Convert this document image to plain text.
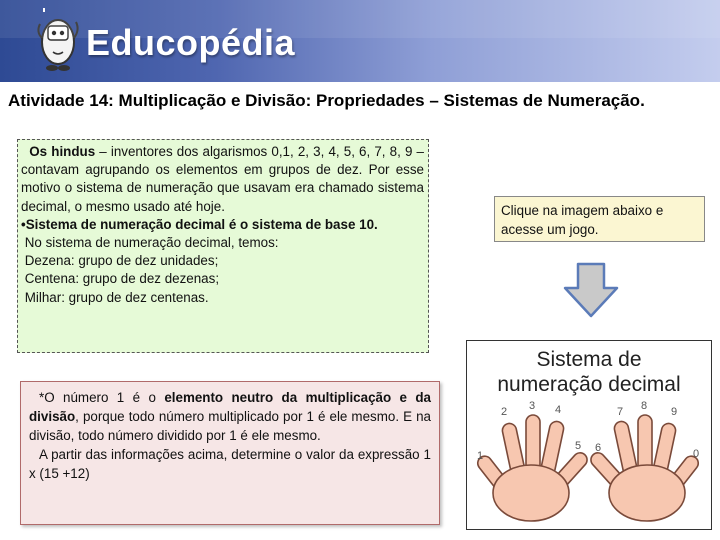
Educopédia
Atividade 14: Multiplicação e Divisão: Propriedades – Sistemas de Numeração.

Os hindus – inventores dos algarismos 0,1, 2, 3, 4, 5, 6, 7, 8, 9 – contavam agrupando os elementos em grupos de dez. Por esse motivo o sistema de numeração que usavam era chamado sistema decimal, o mesmo usado até hoje.

•Sistema de numeração decimal é o sistema de base 10.

No sistema de numeração decimal, temos:

Dezena: grupo de dez unidades;

Centena: grupo de dez dezenas;

Milhar: grupo de dez centenas.

*O número 1 é o elemento neutro da multiplicação e da divisão, porque todo número multiplicado por 1 é ele mesmo. E na divisão, todo número dividido por 1 é ele mesmo.

A partir das informações acima, determine o valor da expressão 1 x (15 +12)

Clique na imagem abaixo e acesse um jogo.
Sistema de
numeração decimal
1
2 3 4
5 6
7 8 9
0
